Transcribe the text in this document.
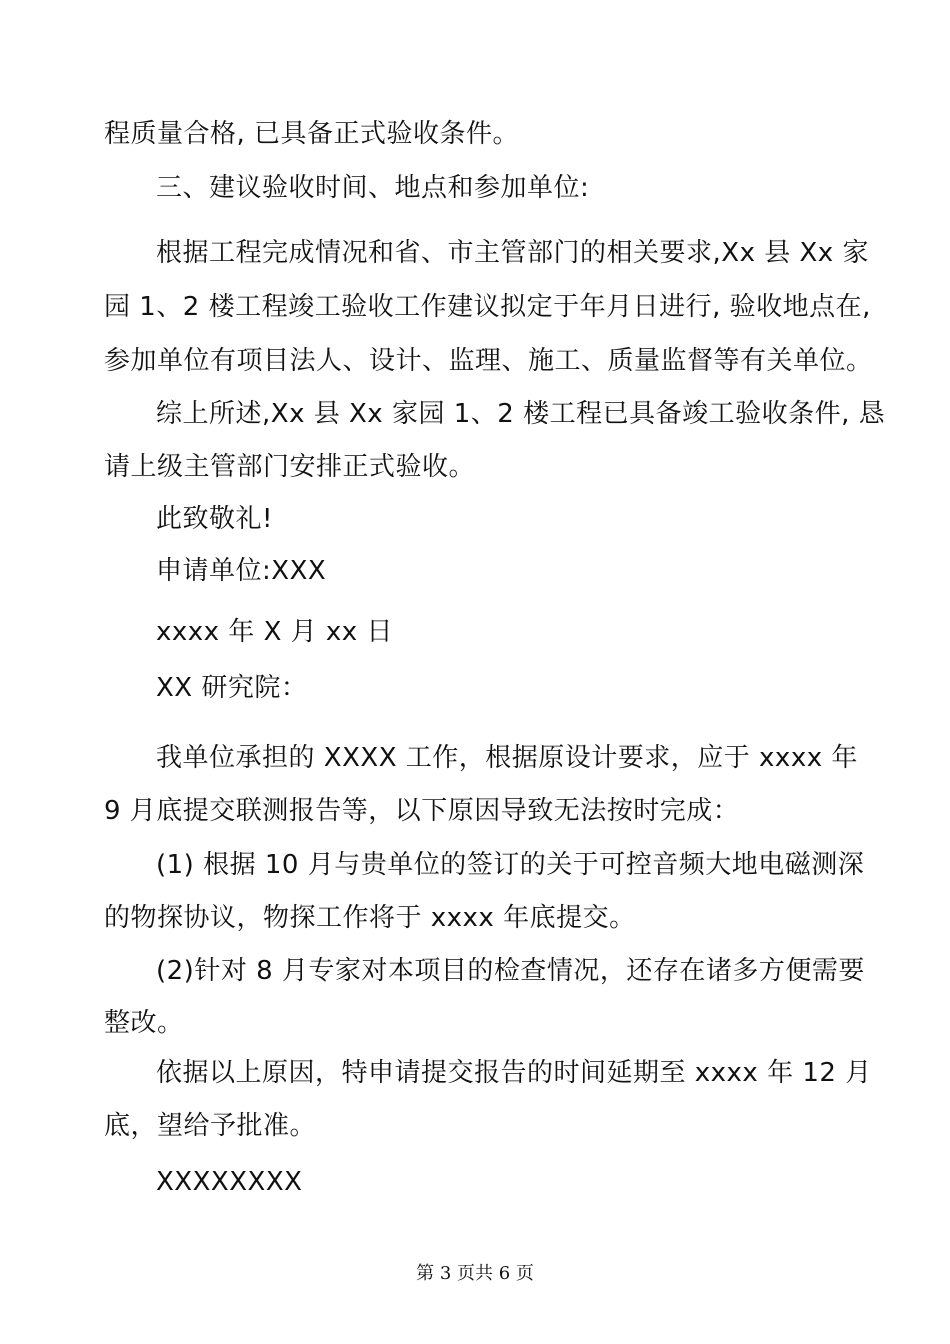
程质量合格, 已具备正式验收条件。
三、建议验收时间、地点和参加单位:
根据工程完成情况和省、市主管部门的相关要求,Xx 县 Xx 家
园 1、2 楼工程竣工验收工作建议拟定于年月日进行, 验收地点在,
参加单位有项目法人、设计、监理、施工、质量监督等有关单位。
综上所述,Xx 县 Xx 家园 1、2 楼工程已具备竣工验收条件, 恳
请上级主管部门安排正式验收。
此致敬礼!
申请单位:XXX
xxxx 年 X 月 xx 日
XX 研究院：
我单位承担的 XXXX 工作，根据原设计要求，应于 xxxx 年
9 月底提交联测报告等，以下原因导致无法按时完成：
(1) 根据 10 月与贵单位的签订的关于可控音频大地电磁测深
的物探协议，物探工作将于 xxxx 年底提交。
(2)针对 8 月专家对本项目的检查情况，还存在诸多方便需要
整改。
依据以上原因，特申请提交报告的时间延期至 xxxx 年 12 月
底，望给予批准。
XXXXXXXX
第 3 页共 6 页
